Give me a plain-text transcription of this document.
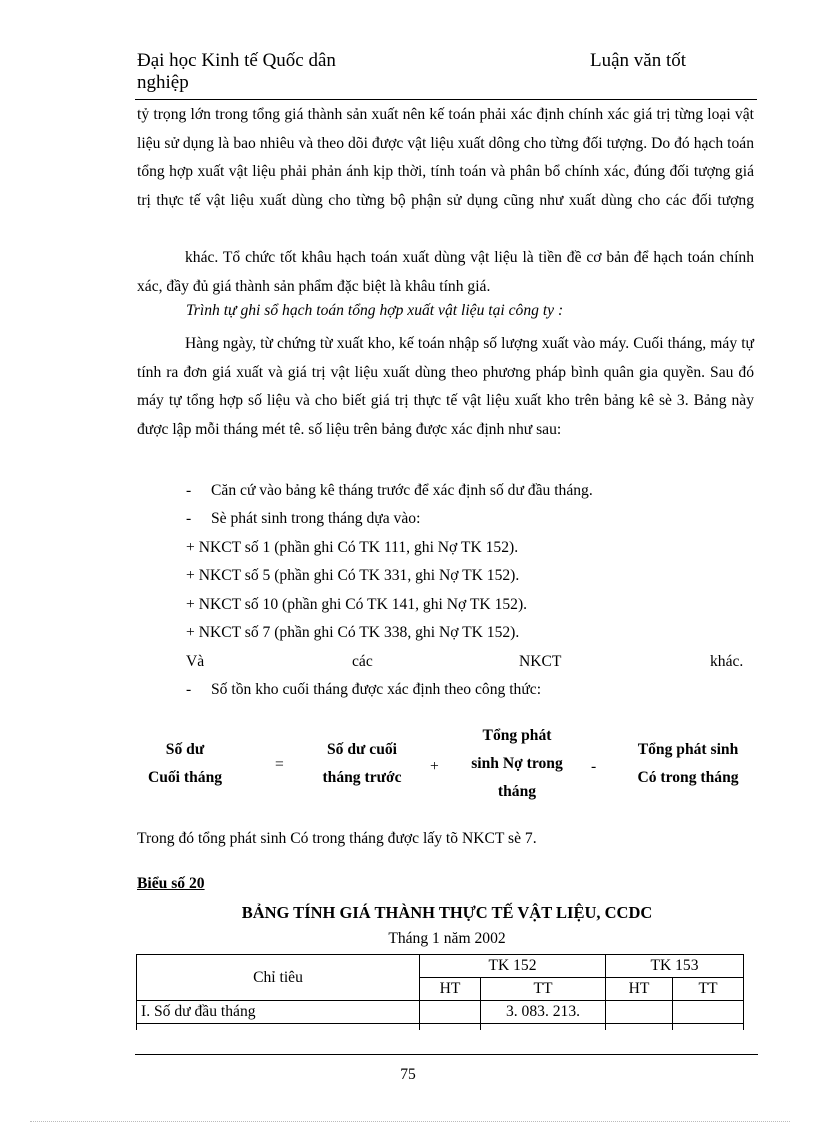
Đại học Kinh tế Quốc dân
nghiệp
Luận văn tốt

tỷ trọng lớn trong tổng giá thành sản xuất nên kế toán phải xác định chính xác giá trị từng loại vật liệu sử dụng là bao nhiêu và theo dõi được vật liệu xuất dông cho từng đối tượng. Do đó hạch toán tổng hợp xuất vật liệu phải phản ánh kịp thời, tính toán và phân bổ chính xác, đúng đối tượng giá trị thực tế vật liệu xuất dùng cho từng bộ phận sử dụng cũng như xuất dùng cho các đối tượng

khác. Tổ chức tốt khâu hạch toán xuất dùng vật liệu là tiền đề cơ bản để hạch toán chính xác, đầy đủ giá thành sản phẩm đặc biệt là khâu tính giá.

Trình tự ghi sổ hạch toán tổng hợp xuất vật liệu tại công ty :

Hàng ngày, từ chứng từ xuất kho, kế toán nhập số lượng xuất vào máy. Cuối tháng, máy tự tính ra đơn giá xuất và giá trị vật liệu xuất dùng theo phương pháp bình quân gia quyền. Sau đó máy tự tổng hợp số liệu và cho biết giá trị thực tế vật liệu xuất kho trên bảng kê sè 3. Bảng này được lập mỗi tháng mét tê. số liệu trên bảng được xác định như sau:

- Căn cứ vào bảng kê tháng trước để xác định số dư đầu tháng.
- Sè phát sinh trong tháng dựa vào:
+ NKCT số 1 (phần ghi Có TK 111, ghi Nợ TK 152).
+ NKCT số 5 (phần ghi Có TK 331, ghi Nợ TK 152).
+ NKCT số 10 (phần ghi Có TK 141, ghi Nợ TK 152).
+ NKCT số 7 (phần ghi Có TK 338, ghi Nợ TK 152).
Và	các	NKCT	khác.
- Số tồn kho cuối tháng được xác định theo công thức:
Số dư
Cuối tháng
=
Số dư cuối
tháng trước
+
Tổng phát
sinh Nợ trong
tháng
-
Tổng phát sinh
Có trong tháng
Trong đó tổng phát sinh Có trong tháng được lấy tõ NKCT sè 7.
Biểu số 20
BẢNG TÍNH GIÁ THÀNH THỰC TẾ VẬT LIỆU, CCDC
Tháng 1 năm 2002
Chỉ tiêu	TK 152		TK 153	
	HT	TT	HT	TT
I. Số dư đầu tháng		3. 083. 213.		

75
